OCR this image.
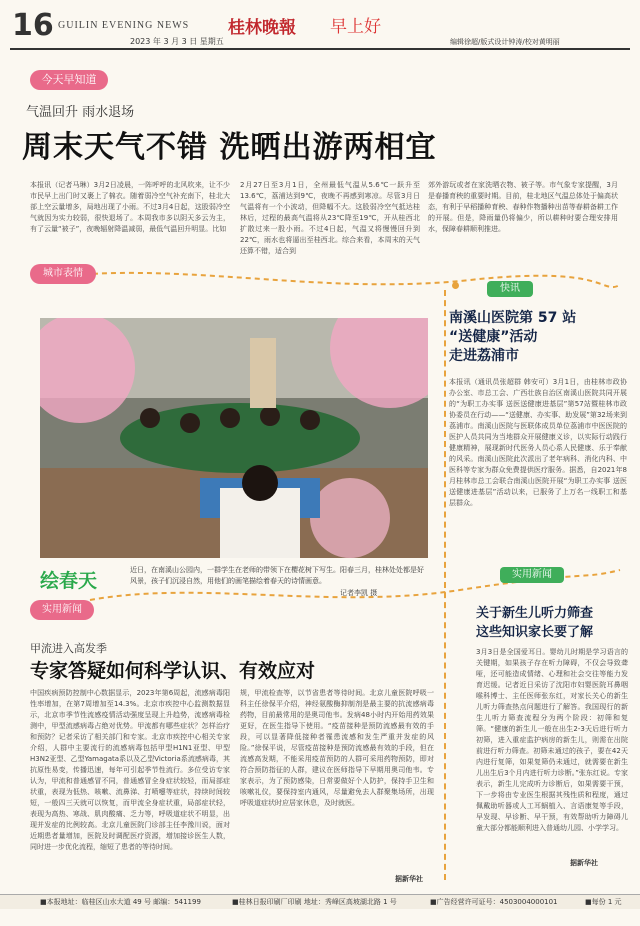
16 GUILIN EVENING NEWS 桂林晚報 早上好
2023 年 3 月 3 日 星期五	编辑徐超/版式设计钟涛/校对黄明丽
今天早知道
气温回升 雨水退场
周末天气不错 洗晒出游两相宜
本报讯（记者马琳）3月2日凌晨，一阵呼呼的北风吹来，让不少市民早上出门时又裹上了棉衣。随着弱冷空气补充南下，桂北大部上空云量增多，局地出现了小雨。不过3月4日起，这股弱冷空气就因为实力较弱，很快退场了。本周我市多以阴天多云为主，有了云量“被子”，夜晚辐射降温减弱，最低气温回升明显。比如
2月27日至3月1日，全州最低气温从5.6℃一跃升至13.6℃，荔浦达到9℃，夜晚不再感到寒凉。尽管3月日气温将有一个小波动，但降幅不大。这股弱冷空气抵达桂林后，过程的最高气温将从23℃降至19℃，开从桂西北扩散过来一股小雨。不过4日起，气温又将慢慢回升到22℃，雨水也将逼出至桂西北。综合来看，本周末的天气还算不错，适合到
郊外游玩或者在家洗晒衣物、被子等。市气象专家提醒，3月是春播育秧的重要时期。目前，桂北地区气温总体处于偏高状态，有利于早稻播种育秧、春种作物播种出苗等春耕备耕工作的开展。但是，降雨量仍将偏少，所以耕种时要合理安排用水，保障春耕顺利推进。
城市表情
绘春天	近日，在南溪山公园内，一群学生在老师的带领下在樱花树下写生。阳春三月，桂林处处都是好风景，孩子们沉浸自然，用他们的画笔描绘着春天的诗情画意。
记者李凯 摄
快讯
南溪山医院第 57 站
“送健康”活动
走进荔浦市
本报讯（通讯员张超群 韩安可）3月1日，由桂林市政协办公室、市总工会、广西壮族自治区南溪山医院共同开展的“为职工办实事 送医送健康进基层”第57站暨桂林市政协委员在行动——“送健康、办实事、助发展”第32场来到荔浦市。南溪山医院与医联体成员单位荔浦市中医医院的医护人员共同为当地群众开展健康义诊，以实际行动践行健康精神，展现新时代医务人员心系人民健康、乐于奉献的风采。南溪山医院此次派出了老年病科、消化内科、中医科等专家为群众免费提供医疗服务。据悉，自2021年8月桂林市总工会联合南溪山医院开展“为职工办实事 送医送健康进基层”活动以来，已服务了上万名一线职工和基层群众。
实用新闻
实用新闻
甲流进入高发季
专家答疑如何科学认识、有效应对
中国疾病预防控制中心数据显示，2023年第6周起，流感病毒阳性率增加，在第7周增加至14.3%。北京市疾控中心监测数据显示，北京市季节性流感疫情活动强度呈现上升趋势，流感病毒检测中，甲型流感病毒占绝对优势。甲流都有哪些症状？怎样治疗和预防？记者采访了相关部门和专家。北京市疾控中心相关专家介绍，人群中主要流行的流感病毒包括甲型H1N1亚型、甲型H3N2亚型、乙型Yamagata系以及乙型Victoria系流感病毒，其抗原性易变，传播迅速，每年可引起季节性流行。多位受访专家认为，甲流和普通感冒不同，普通感冒全身症状较轻，而局部症状重，表现为低热、咳嗽、流鼻涕、打喷嚏等症状，持续时间较短，一般四三天就可以恢复，而甲流全身症状重，局部症状轻，表现为高热、寒战、肌肉酸痛、乏力等，呼吸道症状不明显，出现并发症的比例较高。北京儿童医院门诊部主任李豫川说，面对近期患者量增加，医院及时调配医疗资源，增加接诊医生人数，同时进一步优化流程，缩短了患者的等待时间。
规，甲流检查等，以节省患者等待时间。北京儿童医院呼吸一科主任徐保平介绍，神经氨酸酶抑制剂是最主要的抗流感病毒药物，目前最常用的是奥司他韦。发病48小时内开始用药效果更好，在医生指导下使用。“疫苗接种是预防流感最有效的手段，可以显著降低接种者罹患流感和发生严重并发症的风险。”徐保平说，尽管疫苗接种是预防流感最有效的手段，但在流感高发期，不能采用疫苗预防的人群可采用药物预防，即对符合预防指征的人群，建议在医师指导下早期用奥司他韦。专家表示，为了预防感染，日常要做好个人防护，保持手卫生和咳嗽礼仪，要保持室内通风，尽量避免去人群聚集场所，出现呼吸道症状时应居家休息，及时就医。
据新华社
关于新生儿听力筛查
这些知识家长要了解
3月3日是全国爱耳日。婴幼儿时期是学习语言的关键期，如果孩子存在听力障碍，不仅会导致聋哑，还可能造成情绪、心理和社会交往等能力发育迟缓。记者近日采访了沈阳市妇婴医院耳鼻咽喉科博士、主任医师张东红，对家长关心的新生儿听力筛查热点问题进行了解答。我国现行的新生儿听力筛查流程分为两个阶段：初筛和复筛。“健康的新生儿一般在出生2-3天后进行听力初筛，进入重症监护病房的新生儿，则需在出院前进行听力筛查。初筛未通过的孩子，要在42天内进行复筛，如果复筛仍未通过，就需要在新生儿出生后3个月内进行听力诊断。”张东红说。专家表示，新生儿完成听力诊断后，如果需要干预，下一步将由专业医生根据其残性质和程度，通过佩戴助听器或人工耳蜗植入、言语康复等手段，早发现、早诊断、早干预，有效帮助听力障碍儿童大部分都能顺利进入普通幼儿园、小学学习。
据新华社
■本报地址：临桂区山水大道 49 号 邮编：541199	■桂林日报印刷厂印刷 地址：秀峰区高坡湖北路 1 号	■广告经营许可证号：4503004000101	■每份 1 元
